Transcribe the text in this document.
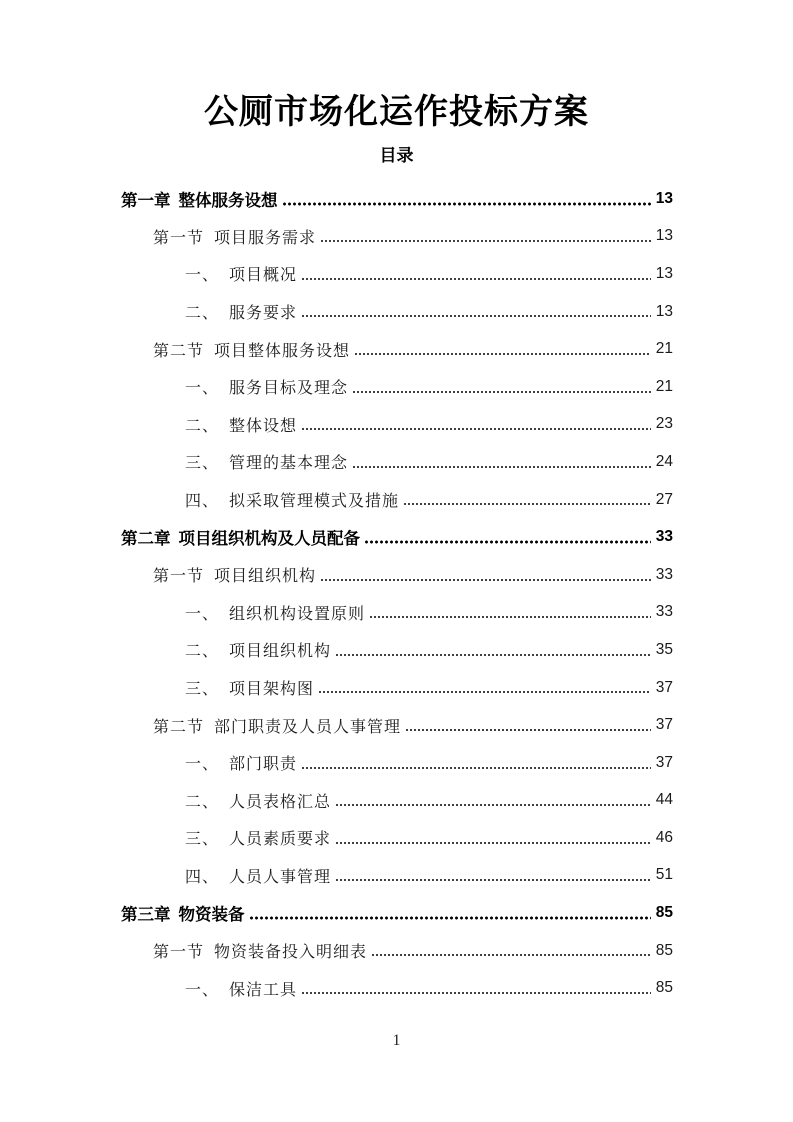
公厕市场化运作投标方案
目录
第一章 整体服务设想	13
第一节 项目服务需求	13
一、 项目概况	13
二、 服务要求	13
第二节 项目整体服务设想	21
一、 服务目标及理念	21
二、 整体设想	23
三、 管理的基本理念	24
四、 拟采取管理模式及措施	27
第二章 项目组织机构及人员配备	33
第一节 项目组织机构	33
一、 组织机构设置原则	33
二、 项目组织机构	35
三、 项目架构图	37
第二节 部门职责及人员人事管理	37
一、 部门职责	37
二、 人员表格汇总	44
三、 人员素质要求	46
四、 人员人事管理	51
第三章 物资装备	85
第一节 物资装备投入明细表	85
一、 保洁工具	85
1
